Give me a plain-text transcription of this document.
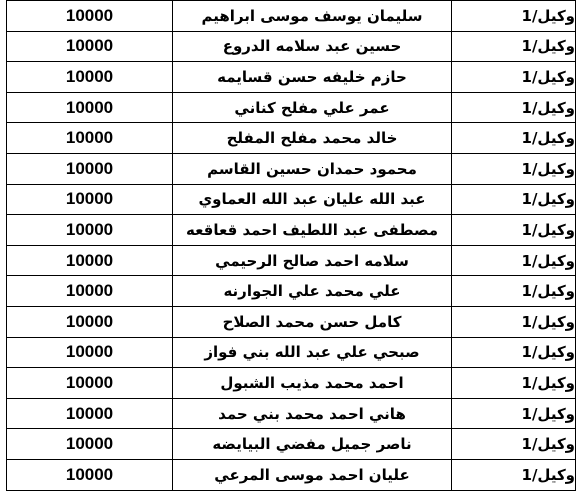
10000	سليمان يوسف موسى ابراهيم	وكيل/1
10000	حسين عبد سلامه الدروع	وكيل/1
10000	حازم خليفه حسن قسايمه	وكيل/1
10000	عمر علي مفلح كناني	وكيل/1
10000	خالد محمد مفلح المفلح	وكيل/1
10000	محمود حمدان حسين القاسم	وكيل/1
10000	عبد الله عليان عبد الله العماوي	وكيل/1
10000	مصطفى عبد اللطيف احمد قعاقعه	وكيل/1
10000	سلامه احمد صالح الرحيمي	وكيل/1
10000	علي محمد علي الجوارنه	وكيل/1
10000	كامل حسن محمد الصلاح	وكيل/1
10000	صبحي علي عبد الله بني فواز	وكيل/1
10000	احمد محمد مذيب الشبول	وكيل/1
10000	هاني احمد محمد بني حمد	وكيل/1
10000	ناصر جميل مفضي البيايضه	وكيل/1
10000	عليان احمد موسى المرعي	وكيل/1
